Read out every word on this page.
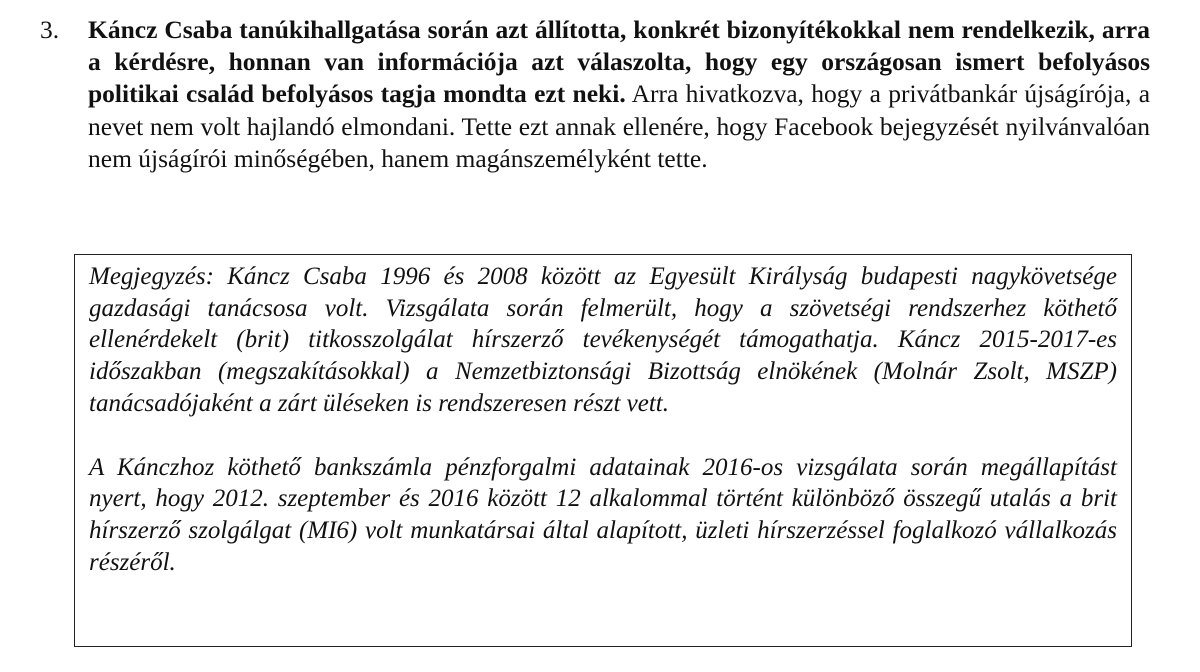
3.	Káncz Csaba tanúkihallgatása során azt állította, konkrét bizonyítékokkal nem rendelkezik, arra a kérdésre, honnan van információja azt válaszolta, hogy egy országosan ismert befolyásos politikai család befolyásos tagja mondta ezt neki. Arra hivatkozva, hogy a privátbankár újságírója, a nevet nem volt hajlandó elmondani. Tette ezt annak ellenére, hogy Facebook bejegyzését nyilvánvalóan nem újságírói minőségében, hanem magánszemélyként tette.

Megjegyzés: Káncz Csaba 1996 és 2008 között az Egyesült Királyság budapesti nagykövetsége gazdasági tanácsosa volt. Vizsgálata során felmerült, hogy a szövetségi rendszerhez köthető ellenérdekelt (brit) titkosszolgálat hírszerző tevékenységét támogathatja. Káncz 2015-2017-es időszakban (megszakításokkal) a Nemzetbiztonsági Bizottság elnökének (Molnár Zsolt, MSZP) tanácsadójaként a zárt üléseken is rendszeresen részt vett.

A Kánczhoz köthető bankszámla pénzforgalmi adatainak 2016-os vizsgálata során megállapítást nyert, hogy 2012. szeptember és 2016 között 12 alkalommal történt különböző összegű utalás a brit hírszerző szolgálgat (MI6) volt munkatársai által alapított, üzleti hírszerzéssel foglalkozó vállalkozás részéről.
